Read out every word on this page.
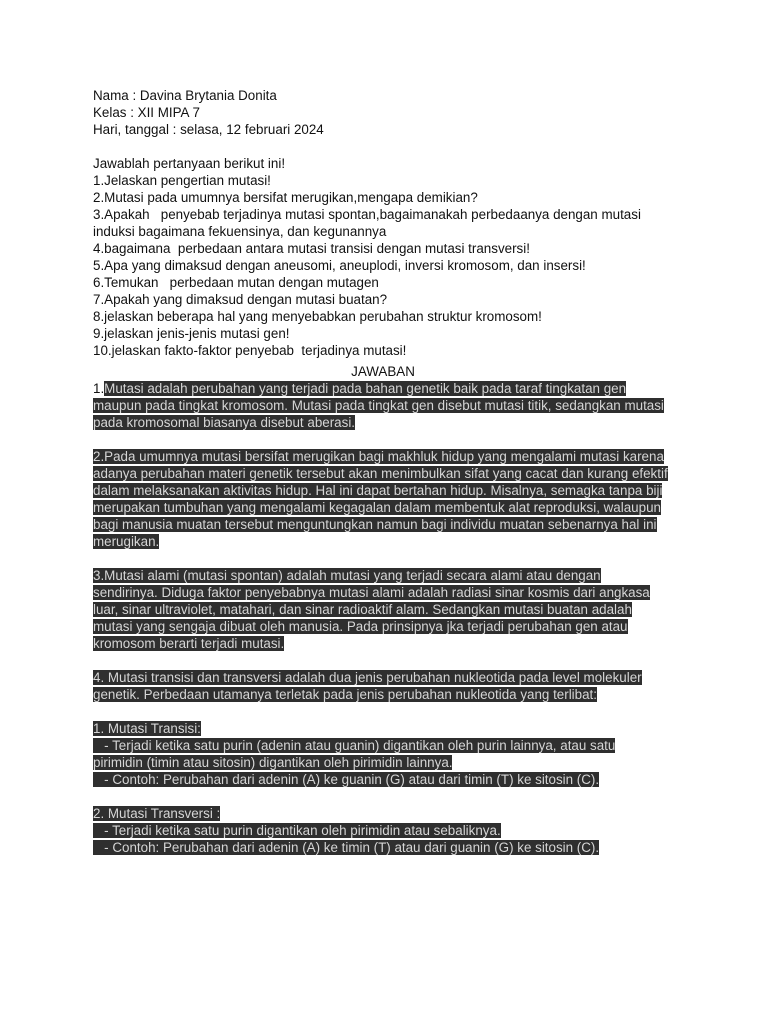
Nama : Davina Brytania Donita
Kelas : XII MIPA 7
Hari, tanggal : selasa, 12 februari 2024
Jawablah pertanyaan berikut ini!
1.Jelaskan pengertian mutasi!
2.Mutasi pada umumnya bersifat merugikan,mengapa demikian?
3.Apakah   penyebab terjadinya mutasi spontan,bagaimanakah perbedaanya dengan mutasi
induksi bagaimana fekuensinya, dan kegunannya
4.bagaimana  perbedaan antara mutasi transisi dengan mutasi transversi!
5.Apa yang dimaksud dengan aneusomi, aneuplodi, inversi kromosom, dan insersi!
6.Temukan   perbedaan mutan dengan mutagen
7.Apakah yang dimaksud dengan mutasi buatan?
8.jelaskan beberapa hal yang menyebabkan perubahan struktur kromosom!
9.jelaskan jenis-jenis mutasi gen!
10.jelaskan fakto-faktor penyebab  terjadinya mutasi!
JAWABAN
1.Mutasi adalah perubahan yang terjadi pada bahan genetik baik pada taraf tingkatan gen
maupun pada tingkat kromosom. Mutasi pada tingkat gen disebut mutasi titik, sedangkan mutasi
pada kromosomal biasanya disebut aberasi.
2.Pada umumnya mutasi bersifat merugikan bagi makhluk hidup yang mengalami mutasi karena
adanya perubahan materi genetik tersebut akan menimbulkan sifat yang cacat dan kurang efektif
dalam melaksanakan aktivitas hidup. Hal ini dapat bertahan hidup. Misalnya, semagka tanpa biji
merupakan tumbuhan yang mengalami kegagalan dalam membentuk alat reproduksi, walaupun
bagi manusia muatan tersebut menguntungkan namun bagi individu muatan sebenarnya hal ini
merugikan.
3.Mutasi alami (mutasi spontan) adalah mutasi yang terjadi secara alami atau dengan
sendirinya. Diduga faktor penyebabnya mutasi alami adalah radiasi sinar kosmis dari angkasa
luar, sinar ultraviolet, matahari, dan sinar radioaktif alam. Sedangkan mutasi buatan adalah
mutasi yang sengaja dibuat oleh manusia. Pada prinsipnya jka terjadi perubahan gen atau
kromosom berarti terjadi mutasi.
4. Mutasi transisi dan transversi adalah dua jenis perubahan nukleotida pada level molekuler
genetik. Perbedaan utamanya terletak pada jenis perubahan nukleotida yang terlibat:
1. Mutasi Transisi:
- Terjadi ketika satu purin (adenin atau guanin) digantikan oleh purin lainnya, atau satu
pirimidin (timin atau sitosin) digantikan oleh pirimidin lainnya.
- Contoh: Perubahan dari adenin (A) ke guanin (G) atau dari timin (T) ke sitosin (C).
2. Mutasi Transversi :
- Terjadi ketika satu purin digantikan oleh pirimidin atau sebaliknya.
- Contoh: Perubahan dari adenin (A) ke timin (T) atau dari guanin (G) ke sitosin (C).
